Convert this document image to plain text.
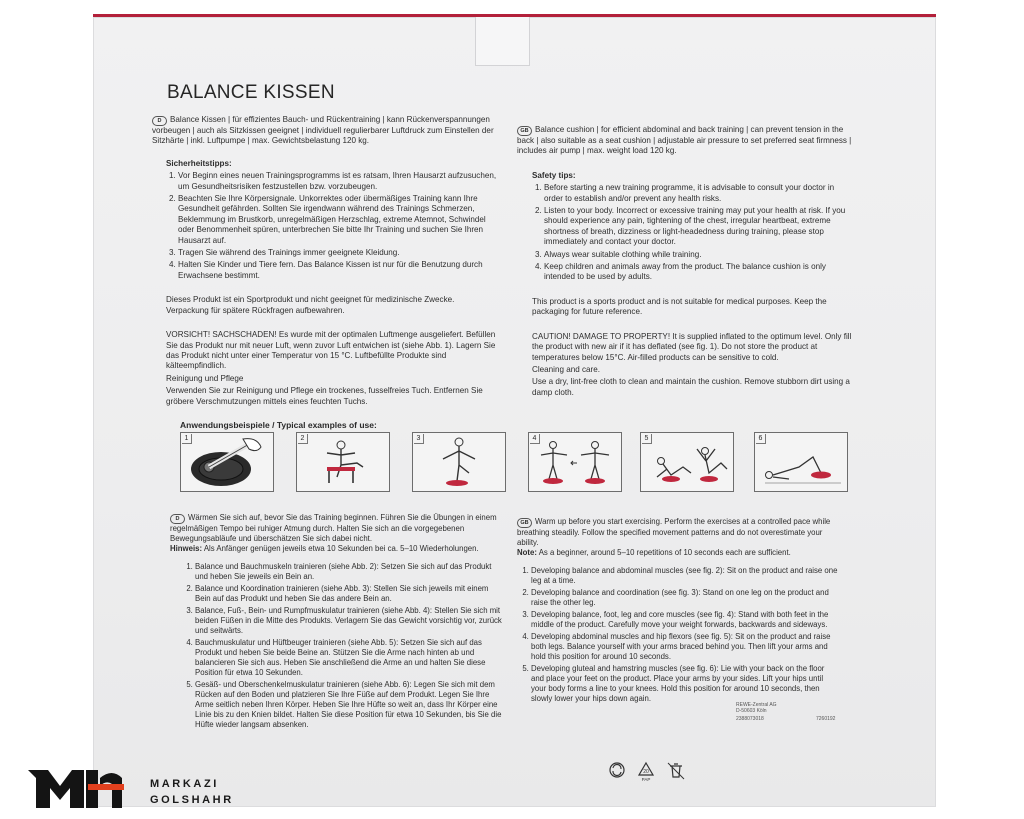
BALANCE KISSEN

D Balance Kissen | für effizientes Bauch- und Rückentraining | kann Rückenverspannungen vorbeugen | auch als Sitzkissen geeignet | individuell regulierbarer Luftdruck zum Einstellen der Sitzhärte | inkl. Luftpumpe | max. Gewichtsbelastung 120 kg.

Sicherheitstipps:
1. Vor Beginn eines neuen Trainingsprogramms ist es ratsam, Ihren Hausarzt aufzusuchen, um Gesundheitsrisiken festzustellen bzw. vorzubeugen.
2. Beachten Sie Ihre Körpersignale. Unkorrektes oder übermäßiges Training kann Ihre Gesundheit gefährden. Sollten Sie irgendwann während des Trainings Schmerzen, Beklemmung im Brustkorb, unregelmäßigen Herzschlag, extreme Atemnot, Schwindel oder Benommenheit spüren, unterbrechen Sie bitte Ihr Training und suchen Sie Ihren Hausarzt auf.
3. Tragen Sie während des Trainings immer geeignete Kleidung.
4. Halten Sie Kinder und Tiere fern. Das Balance Kissen ist nur für die Benutzung durch Erwachsene bestimmt.

Dieses Produkt ist ein Sportprodukt und nicht geeignet für medizinische Zwecke. Verpackung für spätere Rückfragen aufbewahren.

VORSICHT! SACHSCHADEN! Es wurde mit der optimalen Luftmenge ausgeliefert. Befüllen Sie das Produkt nur mit neuer Luft, wenn zuvor Luft entwichen ist (siehe Abb. 1). Lagern Sie das Produkt nicht unter einer Temperatur von 15 °C. Luftbefüllte Produkte sind kälteempfindlich.

Reinigung und Pflege

Verwenden Sie zur Reinigung und Pflege ein trockenes, fusselfreies Tuch. Entfernen Sie gröbere Verschmutzungen mittels eines feuchten Tuchs.

GB Balance cushion | for efficient abdominal and back training | can prevent tension in the back | also suitable as a seat cushion | adjustable air pressure to set preferred seat firmness | includes air pump | max. weight load 120 kg.

Safety tips:
1. Before starting a new training programme, it is advisable to consult your doctor in order to establish and/or prevent any health risks.
2. Listen to your body. Incorrect or excessive training may put your health at risk. If you should experience any pain, tightening of the chest, irregular heartbeat, extreme shortness of breath, dizziness or light-headedness during training, please stop immediately and contact your doctor.
3. Always wear suitable clothing while training.
4. Keep children and animals away from the product. The balance cushion is only intended to be used by adults.

This product is a sports product and is not suitable for medical purposes. Keep the packaging for future reference.

CAUTION! DAMAGE TO PROPERTY! It is supplied inflated to the optimum level. Only fill the product with new air if it has deflated (see fig. 1). Do not store the product at temperatures below 15°C. Air-filled products can be sensitive to cold.

Cleaning and care.

Use a dry, lint-free cloth to clean and maintain the cushion. Remove stubborn dirt using a damp cloth.

Anwendungsbeispiele / Typical examples of use:
1	2	3	4	5	6

D Wärmen Sie sich auf, bevor Sie das Training beginnen. Führen Sie die Übungen in einem regelmäßigen Tempo bei ruhiger Atmung durch. Halten Sie sich an die vorgegebenen Bewegungsabläufe und überschätzen Sie sich dabei nicht.
Hinweis: Als Anfänger genügen jeweils etwa 10 Sekunden bei ca. 5–10 Wiederholungen.

1. Balance und Bauchmuskeln trainieren (siehe Abb. 2): Setzen Sie sich auf das Produkt und heben Sie jeweils ein Bein an.
2. Balance und Koordination trainieren (siehe Abb. 3): Stellen Sie sich jeweils mit einem Bein auf das Produkt und heben Sie das andere Bein an.
3. Balance, Fuß-, Bein- und Rumpfmuskulatur trainieren (siehe Abb. 4): Stellen Sie sich mit beiden Füßen in die Mitte des Produkts. Verlagern Sie das Gewicht vorsichtig vor, zurück und seitwärts.
4. Bauchmuskulatur und Hüftbeuger trainieren (siehe Abb. 5): Setzen Sie sich auf das Produkt und heben Sie beide Beine an. Stützen Sie die Arme nach hinten ab und balancieren Sie sich aus. Heben Sie anschließend die Arme an und halten Sie diese Position für etwa 10 Sekunden.
5. Gesäß- und Oberschenkelmuskulatur trainieren (siehe Abb. 6): Legen Sie sich mit dem Rücken auf den Boden und platzieren Sie Ihre Füße auf dem Produkt. Legen Sie Ihre Arme seitlich neben Ihren Körper. Heben Sie Ihre Hüfte so weit an, dass Ihr Körper eine Linie bis zu den Knien bildet. Halten Sie diese Position für etwa 10 Sekunden, bis Sie die Hüfte wieder langsam absenken.

GB Warm up before you start exercising. Perform the exercises at a controlled pace while breathing steadily. Follow the specified movement patterns and do not overestimate your ability.
Note: As a beginner, around 5–10 repetitions of 10 seconds each are sufficient.

1. Developing balance and abdominal muscles (see fig. 2): Sit on the product and raise one leg at a time.
2. Developing balance and coordination (see fig. 3): Stand on one leg on the product and raise the other leg.
3. Developing balance, foot, leg and core muscles (see fig. 4): Stand with both feet in the middle of the product. Carefully move your weight forwards, backwards and sideways.
4. Developing abdominal muscles and hip flexors (see fig. 5): Sit on the product and raise both legs. Balance yourself with your arms braced behind you. Then lift your arms and hold this position for around 10 seconds.
5. Developing gluteal and hamstring muscles (see fig. 6): Lie with your back on the floor and place your feet on the product. Place your arms by your sides. Lift your hips until your body forms a line to your knees. Hold this position for around 10 seconds, then slowly lower your hips down again.
REWE-Zentral AG
D-50603 Köln
2388073018	7260192
20
PAP
MARKAZI
GOLSHAHR
